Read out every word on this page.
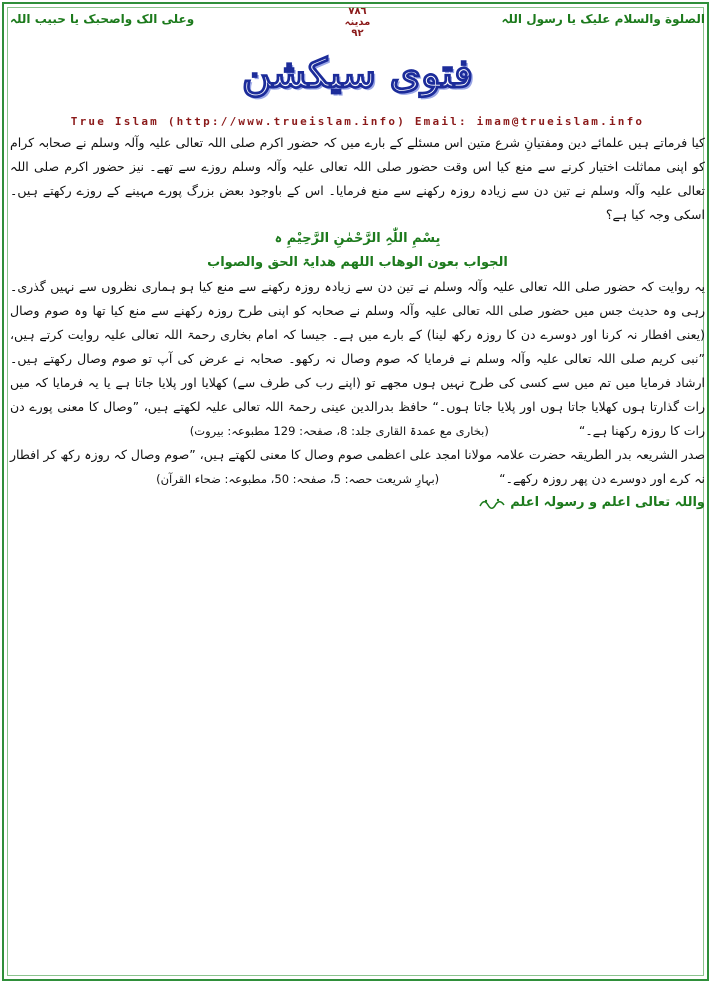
الصلوة والسلام علیک یا رسول اللہ
٧٨٦
مدینہ
٩٢
وعلی الک واصحبک یا حبیب اللہ
فتوی سیکشن
True Islam (http://www.trueislam.info) Email: imam@trueislam.info

کیا فرماتے ہیں علمائے دین ومفتیانِ شرع متین اس مسئلے کے بارے میں کہ حضور اکرم صلی اللہ تعالی علیہ وآلہ وسلم نے صحابہ کرام کو اپنی مماثلت اختیار کرنے سے منع کیا اس وقت حضور صلی اللہ تعالی علیہ وآلہ وسلم روزے سے تھے۔ نیز حضور اکرم صلی اللہ تعالی علیہ وآلہ وسلم نے تین دن سے زیادہ روزہ رکھنے سے منع فرمایا۔ اس کے باوجود بعض بزرگ پورے مہینے کے روزے رکھتے ہیں۔ اسکی وجہ کیا ہے؟

بِسْمِ اللّٰہِ الرَّحْمٰنِ الرَّحِیْمِ ہ

الجواب بعون الوھاب اللھم ھدایۃ الحق والصواب

یہ روایت کہ حضور صلی اللہ تعالی علیہ وآلہ وسلم نے تین دن سے زیادہ روزہ رکھنے سے منع کیا ہو ہماری نظروں سے نہیں گذری۔ رہی وہ حدیث جس میں حضور صلی اللہ تعالی علیہ وآلہ وسلم نے صحابہ کو اپنی طرح روزہ رکھنے سے منع کیا تھا وہ صوم وصال (یعنی افطار نہ کرنا اور دوسرے دن کا روزہ رکھ لینا) کے بارے میں ہے۔ جیسا کہ امام بخاری رحمۃ اللہ تعالی علیہ روایت کرتے ہیں، ”نبی کریم صلی اللہ تعالی علیہ وآلہ وسلم نے فرمایا کہ صوم وصال نہ رکھو۔ صحابہ نے عرض کی آپ تو صوم وصال رکھتے ہیں۔ ارشاد فرمایا میں تم میں سے کسی کی طرح نہیں ہوں مجھے تو (اپنے رب کی طرف سے) کھلایا اور پلایا جاتا ہے یا یہ فرمایا کہ میں رات گذارتا ہوں کھلایا جاتا ہوں اور پلایا جاتا ہوں۔“ حافظ بدرالدین عینی رحمۃ اللہ تعالی علیہ لکھتے ہیں، ”وصال کا معنی پورے دن رات کا روزہ رکھنا ہے۔“(بخاری مع عمدۃ القاری جلد: 8، صفحہ: 129 مطبوعہ: بیروت)

صدر الشریعہ بدر الطریقہ حضرت علامہ مولانا امجد علی اعظمی صوم وصال کا معنی لکھتے ہیں، ”صوم وصال کہ روزہ رکھ کر افطار نہ کرے اور دوسرے دن پھر روزہ رکھے۔“(بہارِ شریعت حصہ: 5، صفحہ: 50، مطبوعہ: ضحاء القرآن)

واللہ تعالی اعلم و رسولہ اعلم
